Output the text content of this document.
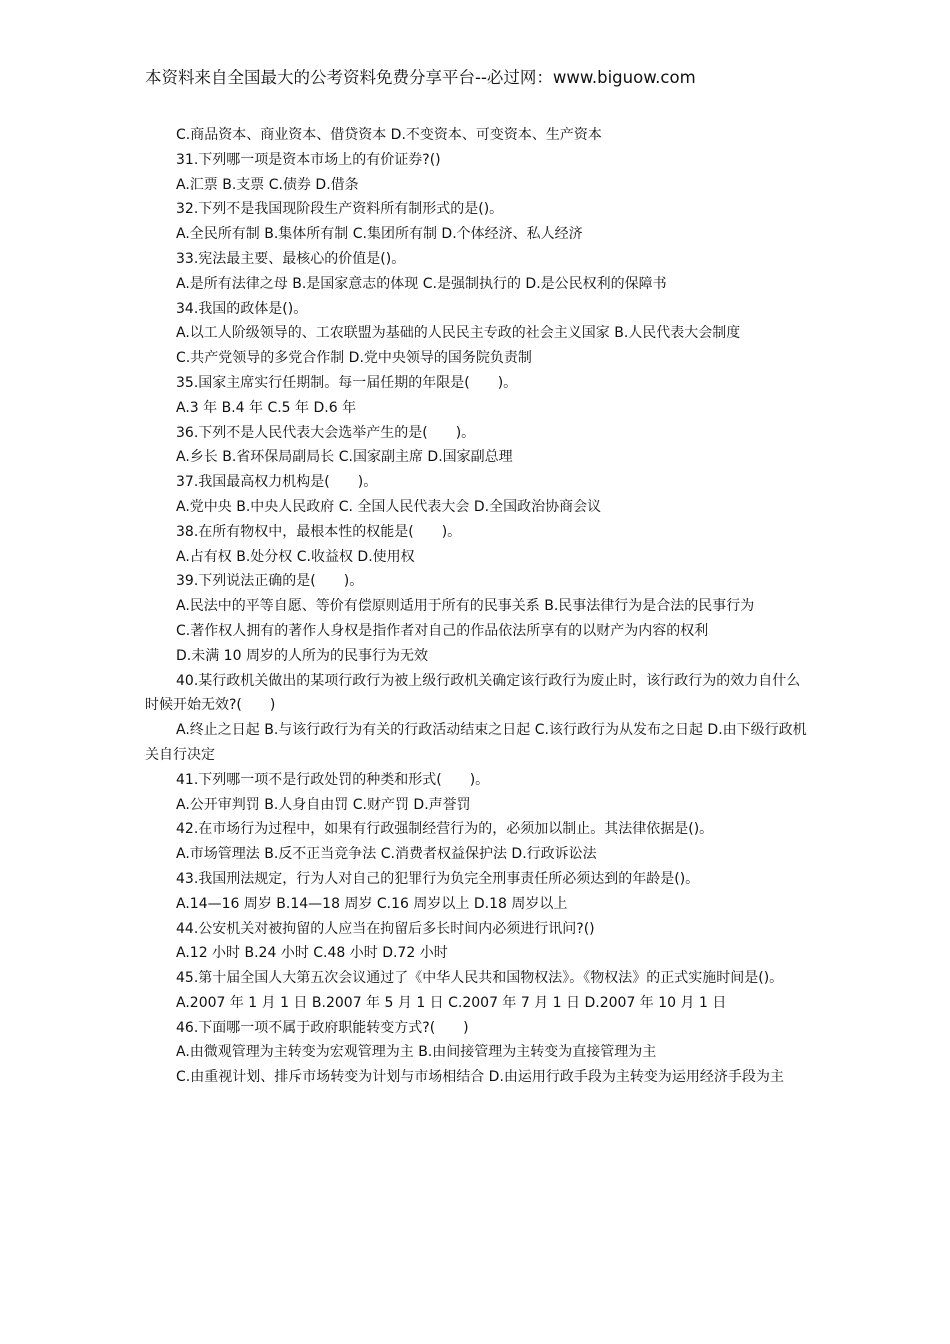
本资料来自全国最大的公考资料免费分享平台--必过网：www.biguow.com

C.商品资本、商业资本、借贷资本 D.不变资本、可变资本、生产资本

31.下列哪一项是资本市场上的有价证券?()

A.汇票 B.支票 C.债券 D.借条

32.下列不是我国现阶段生产资料所有制形式的是()。

A.全民所有制 B.集体所有制 C.集团所有制 D.个体经济、私人经济

33.宪法最主要、最核心的价值是()。

A.是所有法律之母 B.是国家意志的体现 C.是强制执行的 D.是公民权利的保障书

34.我国的政体是()。

A.以工人阶级领导的、工农联盟为基础的人民民主专政的社会主义国家 B.人民代表大会制度

C.共产党领导的多党合作制 D.党中央领导的国务院负责制

35.国家主席实行任期制。每一届任期的年限是(　　)。

A.3 年 B.4 年 C.5 年 D.6 年

36.下列不是人民代表大会选举产生的是(　　)。

A.乡长 B.省环保局副局长 C.国家副主席 D.国家副总理

37.我国最高权力机构是(　　)。

A.党中央 B.中央人民政府 C. 全国人民代表大会 D.全国政治协商会议

38.在所有物权中，最根本性的权能是(　　)。

A.占有权 B.处分权 C.收益权 D.使用权

39.下列说法正确的是(　　)。

A.民法中的平等自愿、等价有偿原则适用于所有的民事关系 B.民事法律行为是合法的民事行为

C.著作权人拥有的著作人身权是指作者对自己的作品依法所享有的以财产为内容的权利

D.未满 10 周岁的人所为的民事行为无效

40.某行政机关做出的某项行政行为被上级行政机关确定该行政行为废止时，该行政行为的效力自什么时候开始无效?(　　)

A.终止之日起 B.与该行政行为有关的行政活动结束之日起 C.该行政行为从发布之日起 D.由下级行政机关自行决定

41.下列哪一项不是行政处罚的种类和形式(　　)。

A.公开审判罚 B.人身自由罚 C.财产罚 D.声誉罚

42.在市场行为过程中，如果有行政强制经营行为的，必须加以制止。其法律依据是()。

A.市场管理法 B.反不正当竞争法 C.消费者权益保护法 D.行政诉讼法

43.我国刑法规定，行为人对自己的犯罪行为负完全刑事责任所必须达到的年龄是()。

A.14—16 周岁 B.14—18 周岁 C.16 周岁以上 D.18 周岁以上

44.公安机关对被拘留的人应当在拘留后多长时间内必须进行讯问?()

A.12 小时 B.24 小时 C.48 小时 D.72 小时

45.第十届全国人大第五次会议通过了《中华人民共和国物权法》。《物权法》的正式实施时间是()。

A.2007 年 1 月 1 日 B.2007 年 5 月 1 日 C.2007 年 7 月 1 日 D.2007 年 10 月 1 日

46.下面哪一项不属于政府职能转变方式?(　　)

A.由微观管理为主转变为宏观管理为主 B.由间接管理为主转变为直接管理为主

C.由重视计划、排斥市场转变为计划与市场相结合 D.由运用行政手段为主转变为运用经济手段为主
